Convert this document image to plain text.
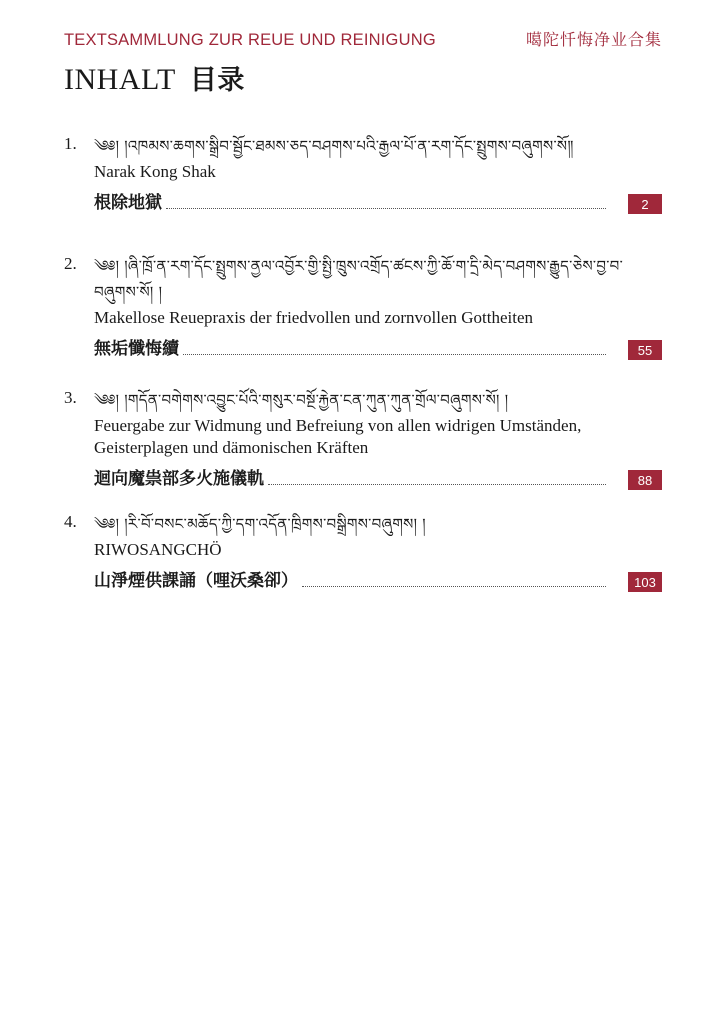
TEXTSAMMLUNG ZUR REUE UND REINIGUNG	噶陀忏悔净业合集
INHALT 目录
1. ༄༅། །འཁམས་ཆགས་སྒྲིབ་སྦྱོང་ཐམས་ཅད་བཤགས་པའི་རྒྱལ་པོ་ན་རག་དོང་སྤྲུགས་བཞུགས་སོ༎
Narak Kong Shak
根除地獄	2
2. ༄༅། །ཞི་ཁྲོ་ན་རག་དོང་སྤྲུགས་ནྱལ་འབྱོར་གྱི་སྤྱི་ཁྲུས་འགྲོད་ཚངས་ཀྱི་ཆོ་ག་དྲི་མེད་བཤགས་རྒྱུད་ཅེས་བྱ་བ་བཞུགས་སོ། །
Makellose Reuepraxis der friedvollen und zornvollen Gottheiten
無垢懺悔續	55
3. ༄༅། །གདོན་བགེགས་འབྱུང་པོའི་གསུར་བསྔོ་རྐྱེན་ངན་ཀུན་ཀུན་གྲོལ་བཞུགས་སོ། །
Feuergabe zur Widmung und Befreiung von allen widrigen Umständen, Geisterplagen und dämonischen Kräften
迴向魔祟部多火施儀軌	88
4. ༄༅། །རི་བོ་བསང་མཆོད་ཀྱི་དག་འདོན་ཁྲིགས་བསྒྲིགས་བཞུགས། །
RIWOSANGCHÖ
山淨煙供課誦（哩沃桑卻）	103
